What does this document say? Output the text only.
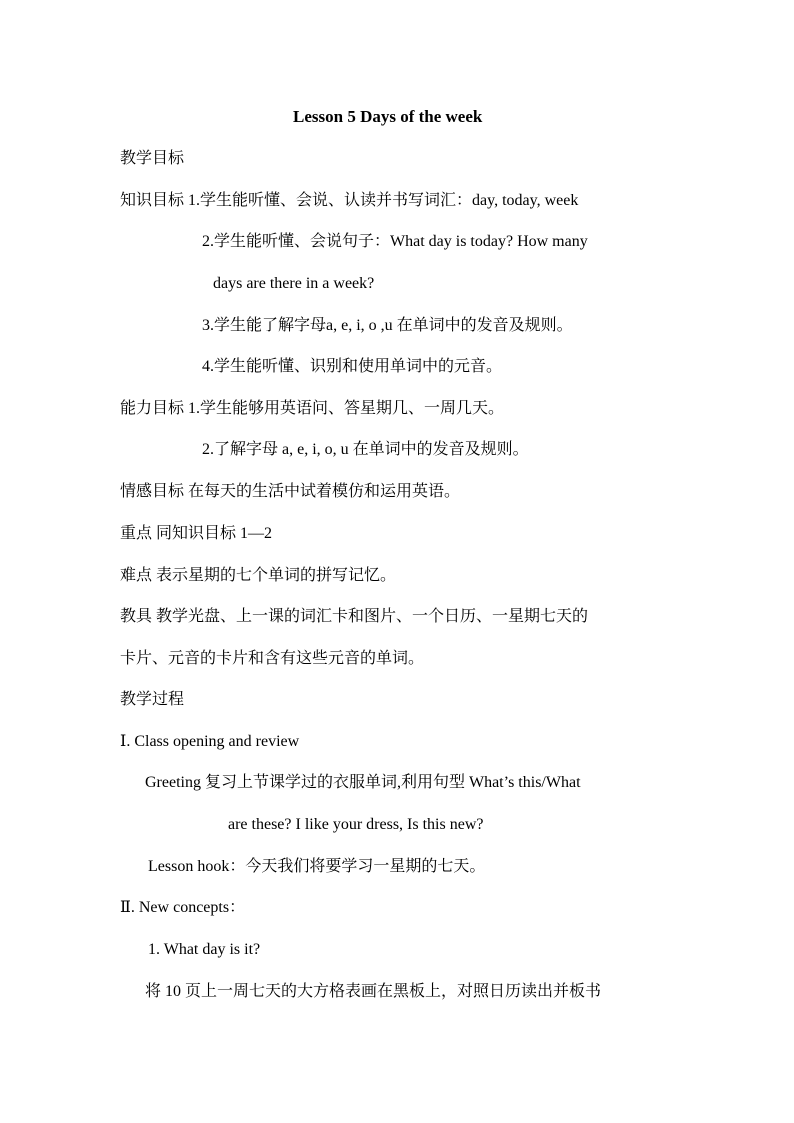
Lesson 5 Days of the week
教学目标
知识目标 1.学生能听懂、会说、认读并书写词汇：day, today, week
2.学生能听懂、会说句子：What day is today? How many
days are there in a week?
3.学生能了解字母a, e, i, o ,u 在单词中的发音及规则。
4.学生能听懂、识别和使用单词中的元音。
能力目标 1.学生能够用英语问、答星期几、一周几天。
2.了解字母 a, e, i, o, u 在单词中的发音及规则。
情感目标 在每天的生活中试着模仿和运用英语。
重点 同知识目标 1—2
难点 表示星期的七个单词的拼写记忆。
教具 教学光盘、上一课的词汇卡和图片、一个日历、一星期七天的
卡片、元音的卡片和含有这些元音的单词。
教学过程
Ⅰ. Class opening and review
Greeting 复习上节课学过的衣服单词,利用句型 What’s this/What
are these? I like your dress, Is this new?
Lesson hook：今天我们将要学习一星期的七天。
Ⅱ. New concepts：
1. What day is it?
将 10 页上一周七天的大方格表画在黑板上，对照日历读出并板书
